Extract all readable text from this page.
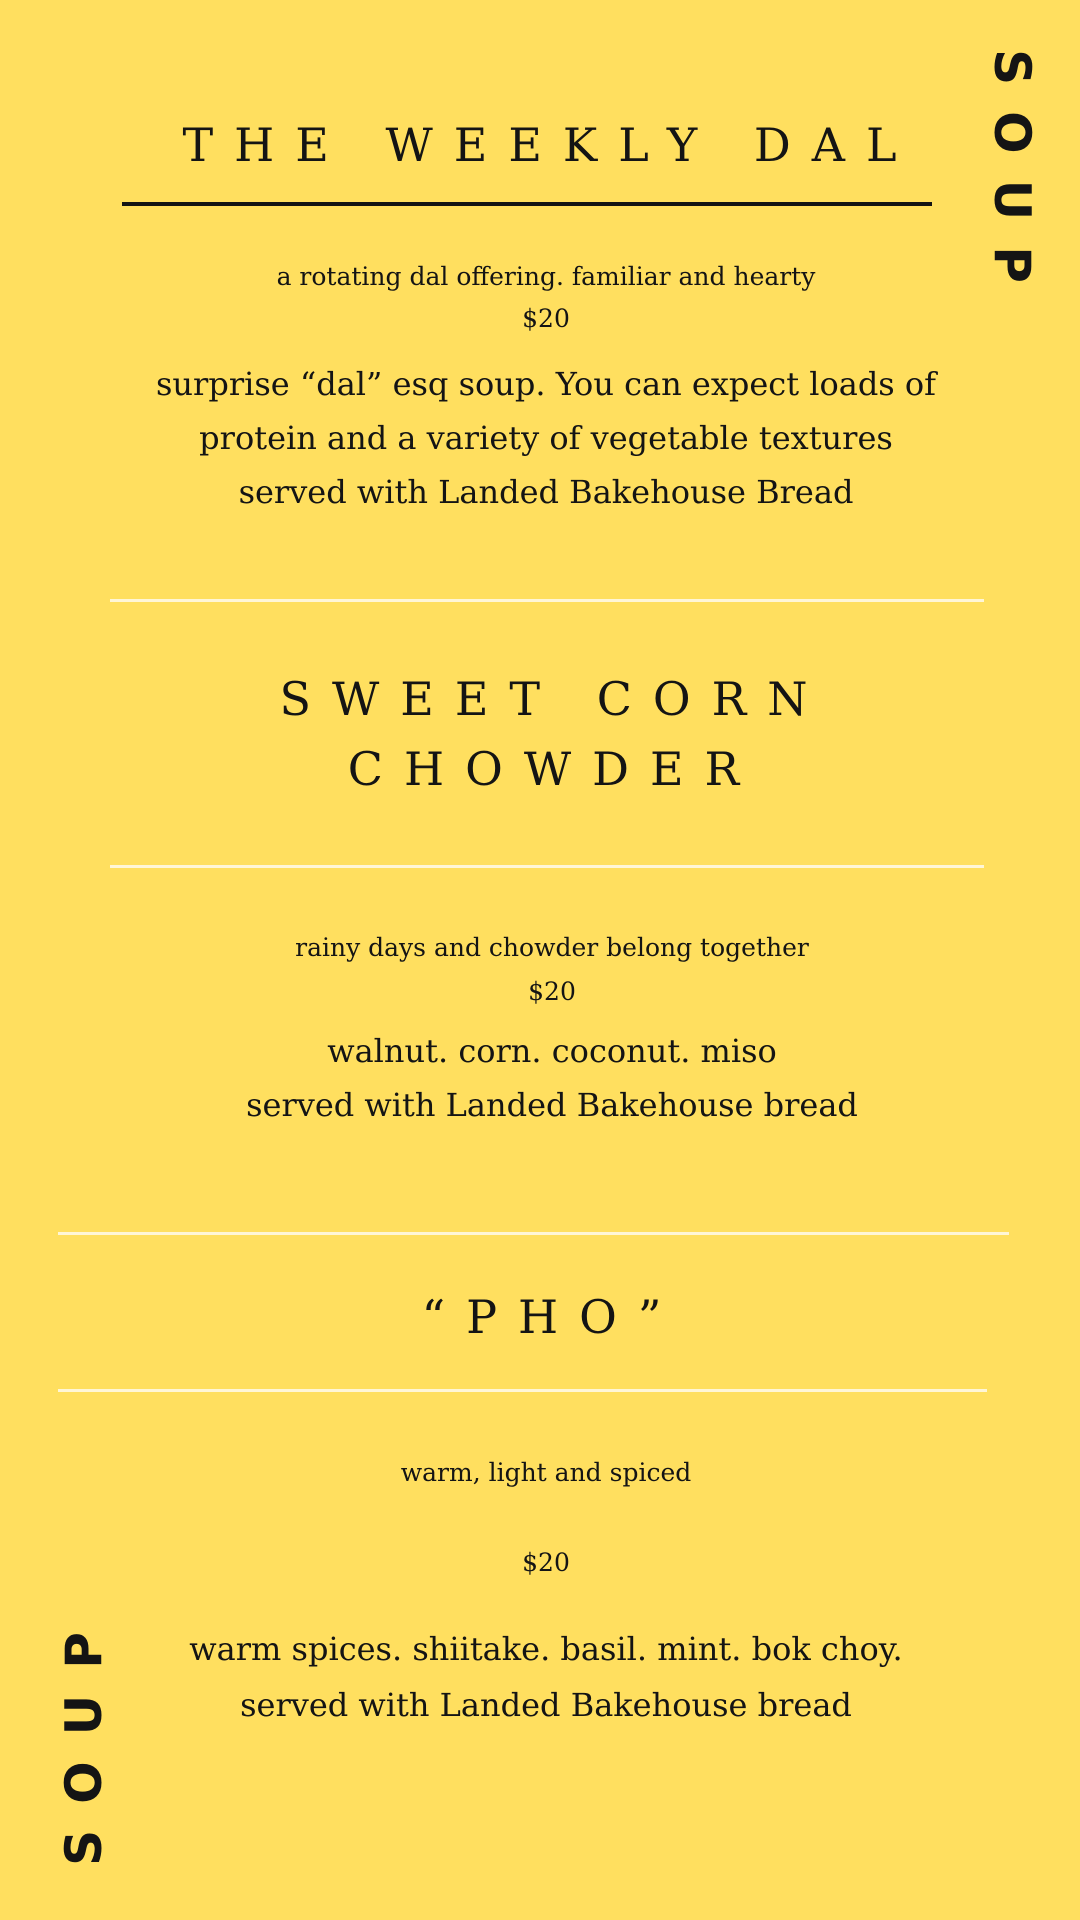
SOUP
SOUP
THE WEEKLY DAL
a rotating dal offering. familiar and hearty
$20
surprise “dal” esq soup. You can expect loads of
protein and a variety of vegetable textures
served with Landed Bakehouse Bread
SWEET CORN
CHOWDER
rainy days and chowder belong together
$20
walnut. corn. coconut. miso
served with Landed Bakehouse bread
“PHO”
warm, light and spiced
$20
warm spices. shiitake. basil. mint. bok choy.
served with Landed Bakehouse bread
